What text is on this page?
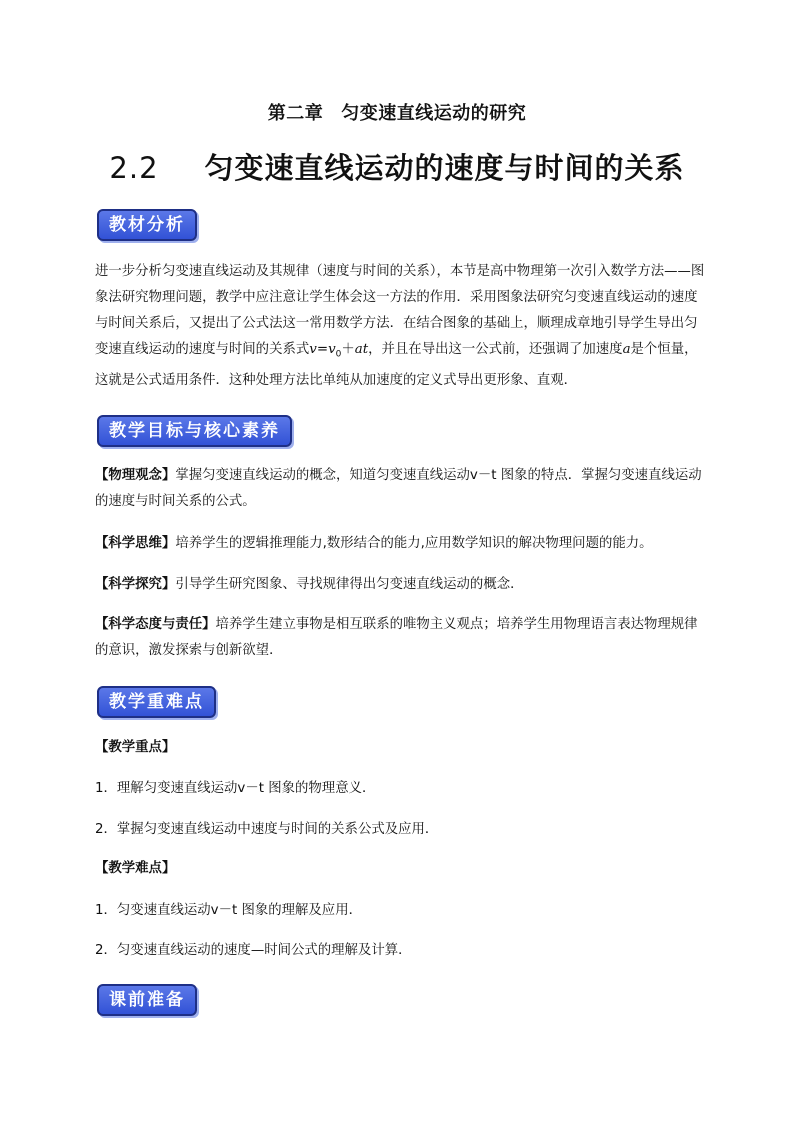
第二章 匀变速直线运动的研究
2.2 匀变速直线运动的速度与时间的关系
教材分析
进一步分析匀变速直线运动及其规律（速度与时间的关系），本节是高中物理第一次引入数学方法——图象法研究物理问题，教学中应注意让学生体会这一方法的作用．采用图象法研究匀变速直线运动的速度与时间关系后，又提出了公式法这一常用数学方法．在结合图象的基础上，顺理成章地引导学生导出匀变速直线运动的速度与时间的关系式$v=v_0+at$，并且在导出这一公式前，还强调了加速度a是个恒量，这就是公式适用条件．这种处理方法比单纯从加速度的定义式导出更形象、直观．
教学目标与核心素养
【物理观念】掌握匀变速直线运动的概念，知道匀变速直线运动v－t 图象的特点．掌握匀变速直线运动的速度与时间关系的公式。
【科学思维】培养学生的逻辑推理能力,数形结合的能力,应用数学知识的解决物理问题的能力。
【科学探究】引导学生研究图象、寻找规律得出匀变速直线运动的概念．
【科学态度与责任】培养学生建立事物是相互联系的唯物主义观点；培养学生用物理语言表达物理规律的意识，激发探索与创新欲望．
教学重难点
【教学重点】
1．理解匀变速直线运动v－t 图象的物理意义．
2．掌握匀变速直线运动中速度与时间的关系公式及应用．
【教学难点】
1．匀变速直线运动v－t 图象的理解及应用．
2．匀变速直线运动的速度—时间公式的理解及计算．
课前准备
